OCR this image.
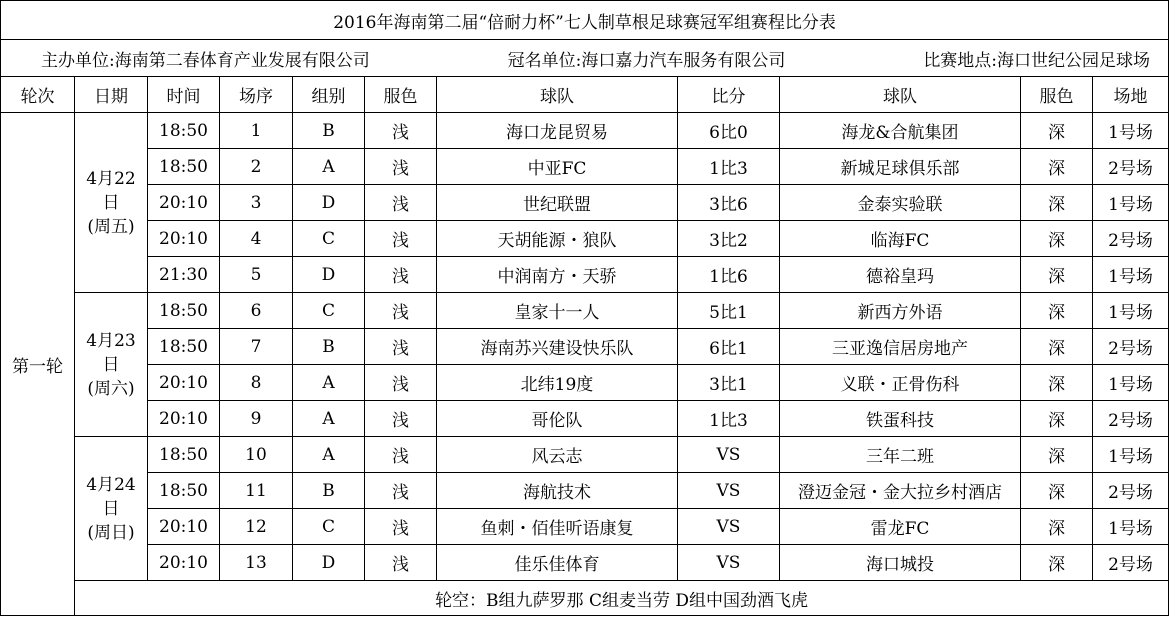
2016年海南第二届“倍耐力杯”七人制草根足球赛冠军组赛程比分表										

主办单位:海南第二春体育产业发展有限公司 冠名单位:海口嘉力汽车服务有限公司 比赛地点:海口世纪公园足球场										

轮次	日期	时间	场序	组别	服色	球队	比分	球队	服色	场地
第一轮	4月22
日
(周五)	18:50	1	B	浅	海口龙昆贸易	6比0	海龙&合航集团	深	1号场
		18:50	2	A	浅	中亚FC	1比3	新城足球俱乐部	深	2号场
		20:10	3	D	浅	世纪联盟	3比6	金泰实验联	深	1号场
		20:10	4	C	浅	天胡能源・狼队	3比2	临海FC	深	2号场
		21:30	5	D	浅	中润南方・天骄	1比6	德裕皇玛	深	1号场

	4月23
日
(周六)	18:50	6	C	浅	皇家十一人	5比1	新西方外语	深	1号场
		18:50	7	B	浅	海南苏兴建设快乐队	6比1	三亚逸信居房地产	深	2号场
		20:10	8	A	浅	北纬19度	3比1	义联・正骨伤科	深	1号场
		20:10	9	A	浅	哥伦队	1比3	铁蛋科技	深	2号场

	4月24
日
(周日)	18:50	10	A	浅	风云志	VS	三年二班	深	1号场
		18:50	11	B	浅	海航技术	VS	澄迈金冠・金大拉乡村酒店	深	2号场
		20:10	12	C	浅	鱼刺・佰佳听语康复	VS	雷龙FC	深	1号场
		20:10	13	D	浅	佳乐佳体育	VS	海口城投	深	2号场
	轮空：B组九萨罗那 C组麦当劳 D组中国劲酒飞虎									
